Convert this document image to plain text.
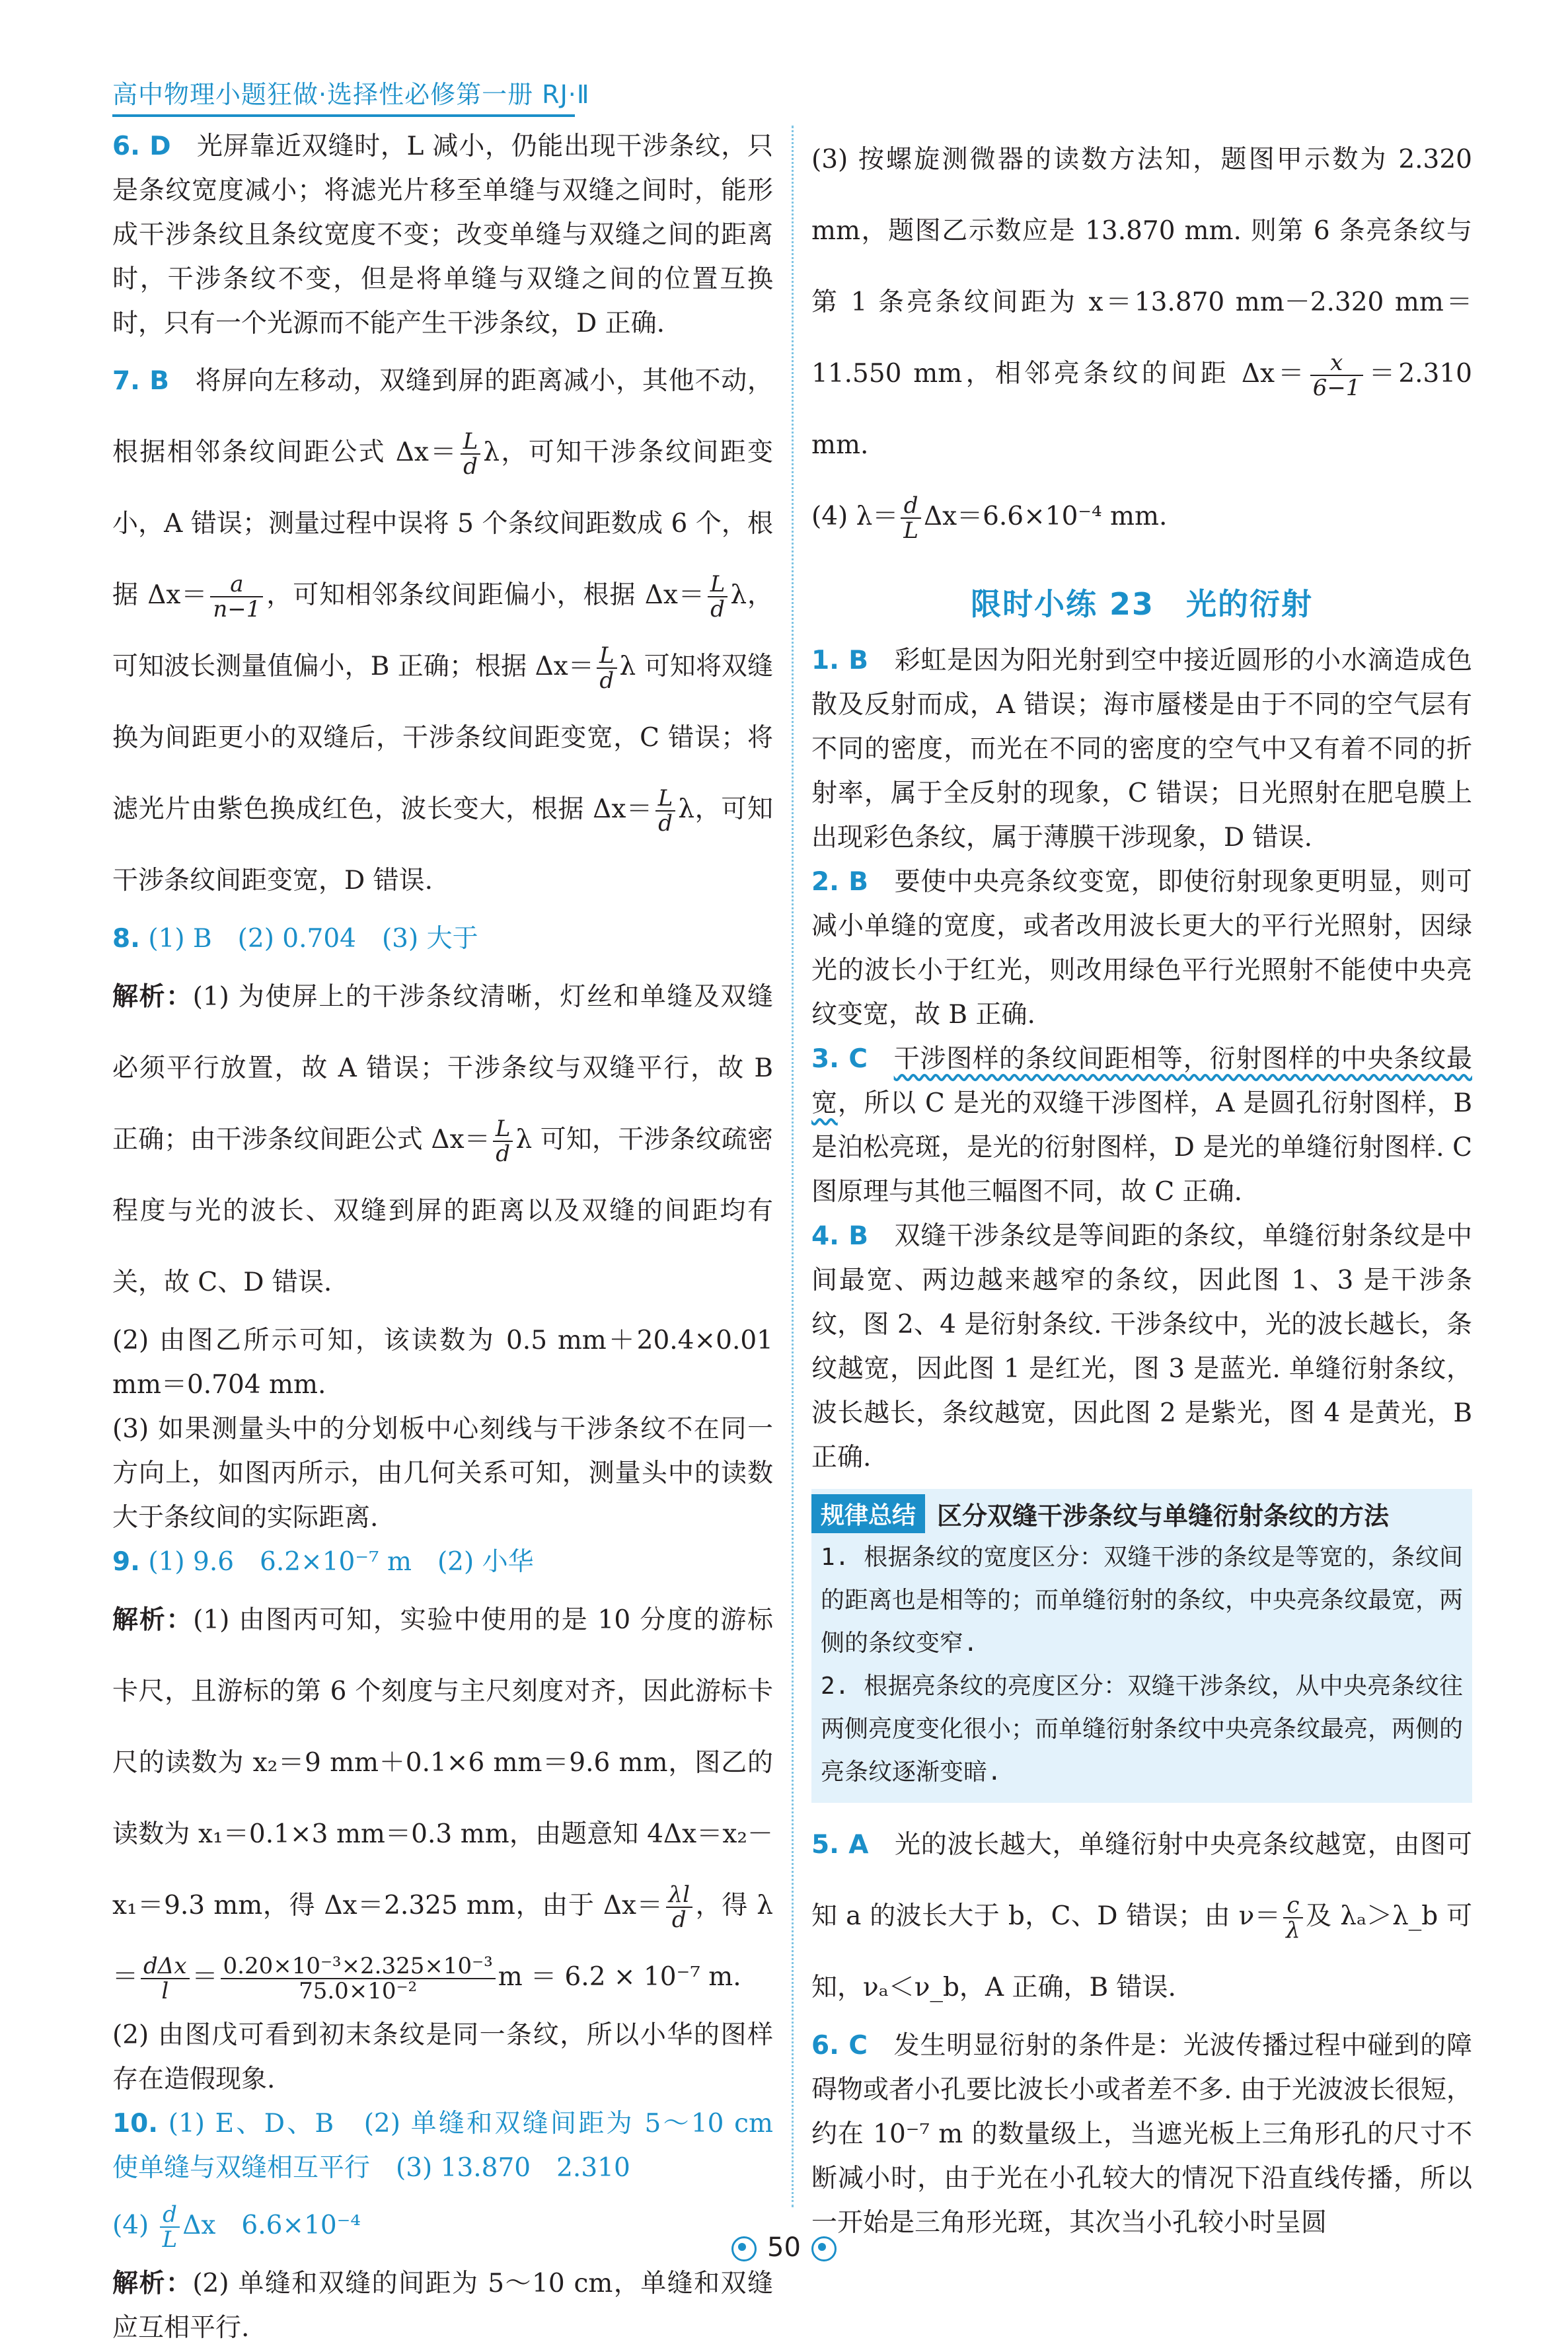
高中物理小题狂做·选择性必修第一册 RJ·Ⅱ

6. D 光屏靠近双缝时，L 减小，仍能出现干涉条纹，只是条纹宽度减小；将滤光片移至单缝与双缝之间时，能形成干涉条纹且条纹宽度不变；改变单缝与双缝之间的距离时，干涉条纹不变，但是将单缝与双缝之间的位置互换时，只有一个光源而不能产生干涉条纹，D 正确.

7. B 将屏向左移动，双缝到屏的距离减小，其他不动， 根据相邻条纹间距公式 $\Delta x= \frac{L}{d}$ λ，可知干涉条纹间距变小，A 错误；测量过程中误将 5 个条纹间距数成 6 个，根据 $\Delta x= \frac{a}{n-1}$ ，可知相邻条纹间距偏小，根据 $\Delta x= \frac{L}{d}$ λ，可知波长测量值偏小，B 正确；根据 $\Delta x= \frac{L}{d}$ λ 可知将双缝换为间距更小的双缝后，干涉条纹间距变宽，C 错误；将滤光片由紫色换成红色，波长变大，根据 $\Delta x= \frac{L}{d}$ λ，可知干涉条纹间距变宽，D 错误.

8. (1) B　(2) 0.704　(3) 大于

解析：(1) 为使屏上的干涉条纹清晰，灯丝和单缝及双缝必须平行放置，故 A 错误；干涉条纹与双缝平行，故 B 正确；由干涉条纹间距公式 $\Delta x= \frac{L}{d}$ λ 可知，干涉条纹疏密程度与光的波长、双缝到屏的距离以及双缝的间距均有关，故 C、D 错误.

(2) 由图乙所示可知，该读数为 0.5 mm＋20.4×0.01 mm＝0.704 mm.

(3) 如果测量头中的分划板中心刻线与干涉条纹不在同一方向上，如图丙所示，由几何关系可知，测量头中的读数大于条纹间的实际距离.

9. (1) 9.6　6.2×10⁻⁷ m　(2) 小华

解析：(1) 由图丙可知，实验中使用的是 10 分度的游标卡尺，且游标的第 6 个刻度与主尺刻度对齐，因此游标卡尺的读数为 x₂＝9 mm＋0.1×6 mm＝9.6 mm，图乙的读数为 x₁＝0.1×3 mm＝0.3 mm，由题意知 4Δx＝x₂－x₁＝9.3 mm，得 Δx＝2.325 mm，由于 $\Delta x= \frac{\lambda l}{d}$ ，得 $\lambda = \frac{\text{dΔx}}{l} = \frac{\text{0.20×10⁻³×2.325×10⁻³}}{\text{75.0×10⁻²}}$ m ＝ 6.2 × 10⁻⁷ m.

(2) 由图戊可看到初末条纹是同一条纹，所以小华的图样存在造假现象.

10. (1) E、D、B　(2) 单缝和双缝间距为 5～10 cm　使单缝与双缝相互平行　(3) 13.870　2.310

$(4) \frac{d}{L}$ Δx　6.6×10⁻⁴

解析：(2) 单缝和双缝的间距为 5～10 cm，单缝和双缝应互相平行.

(3) 按螺旋测微器的读数方法知，题图甲示数为 2.320 mm，题图乙示数应是 13.870 mm. 则第 6 条亮条纹与第 1 条亮条纹间距为 x＝13.870 mm－2.320 mm＝11.550 mm，相邻亮条纹的间距 $\Delta x= \frac{x}{6-1} =2.310$ mm.

(4) $\lambda= \frac{d}{L} \Delta x=6.6\times 10^{-4}$ mm.

限时小练 23　光的衍射

1. B 彩虹是因为阳光射到空中接近圆形的小水滴造成色散及反射而成，A 错误；海市蜃楼是由于不同的空气层有不同的密度，而光在不同的密度的空气中又有着不同的折射率，属于全反射的现象，C 错误；日光照射在肥皂膜上出现彩色条纹，属于薄膜干涉现象，D 错误.

2. B 要使中央亮条纹变宽，即使衍射现象更明显，则可减小单缝的宽度，或者改用波长更大的平行光照射，因绿光的波长小于红光，则改用绿色平行光照射不能使中央亮纹变宽，故 B 正确.

3. C 干涉图样的条纹间距相等，衍射图样的中央条纹最宽，所以 C 是光的双缝干涉图样，A 是圆孔衍射图样，B 是泊松亮斑，是光的衍射图样，D 是光的单缝衍射图样. C 图原理与其他三幅图不同，故 C 正确.

4. B 双缝干涉条纹是等间距的条纹，单缝衍射条纹是中间最宽、两边越来越窄的条纹，因此图 1、3 是干涉条纹，图 2、4 是衍射条纹. 干涉条纹中，光的波长越长，条纹越宽，因此图 1 是红光，图 3 是蓝光. 单缝衍射条纹，波长越长，条纹越宽，因此图 2 是紫光，图 4 是黄光，B 正确.

规律总结 区分双缝干涉条纹与单缝衍射条纹的方法

1. 根据条纹的宽度区分：双缝干涉的条纹是等宽的，条纹间的距离也是相等的；而单缝衍射的条纹，中央亮条纹最宽，两侧的条纹变窄.

2. 根据亮条纹的亮度区分：双缝干涉条纹，从中央亮条纹往两侧亮度变化很小；而单缝衍射条纹中央亮条纹最亮，两侧的亮条纹逐渐变暗.

5. A 光的波长越大，单缝衍射中央亮条纹越宽，由图可知 a 的波长大于 b，C、D 错误；由 $\nu= \frac{c}{\lambda}$ 及 λₐ＞λ_b 可知，νₐ＜ν_b，A 正确，B 错误.

6. C 发生明显衍射的条件是：光波传播过程中碰到的障碍物或者小孔要比波长小或者差不多. 由于光波波长很短，约在 10⁻⁷ m 的数量级上，当遮光板上三角形孔的尺寸不断减小时，由于光在小孔较大的情况下沿直线传播，所以一开始是三角形光斑，其次当小孔较小时呈圆

50
